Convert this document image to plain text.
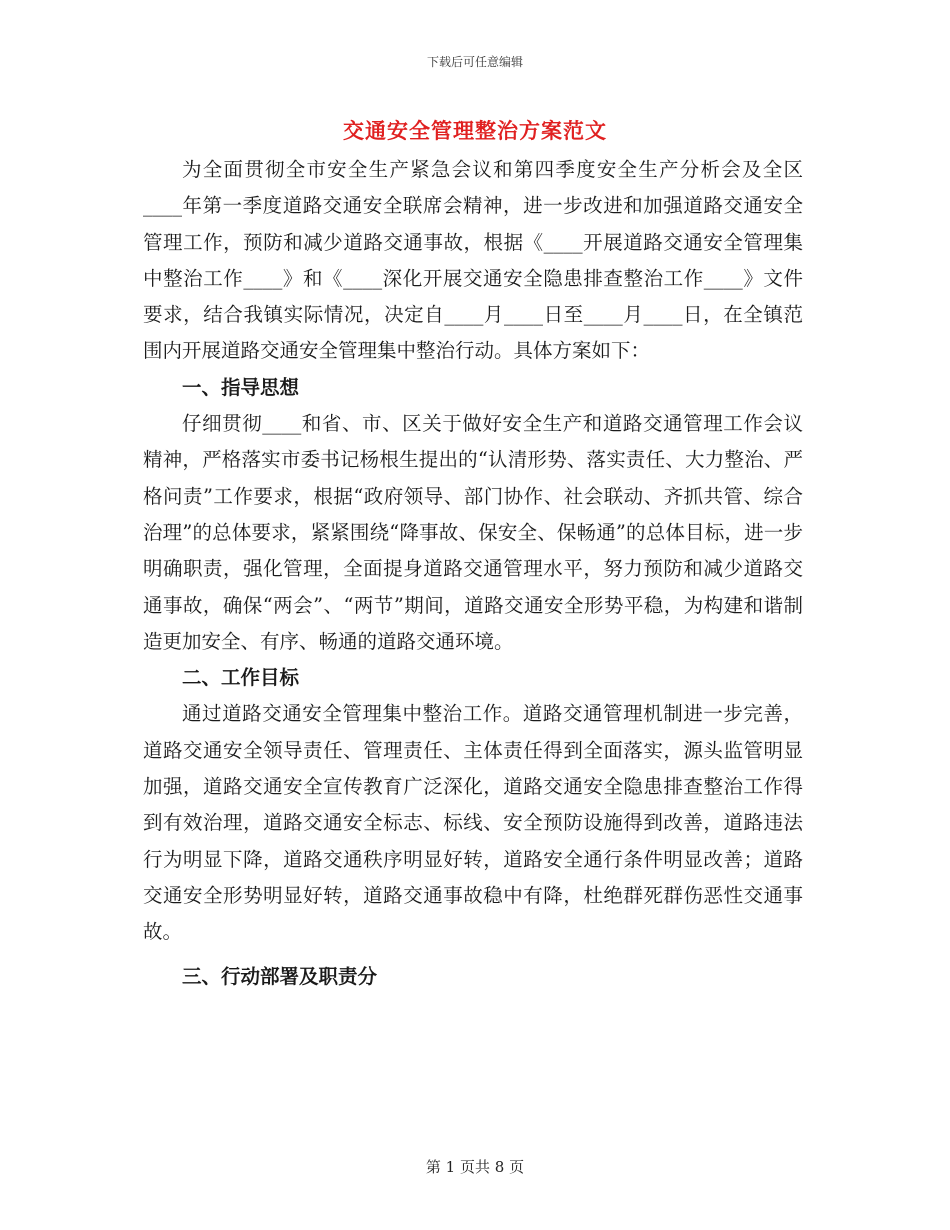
下载后可任意编辑
交通安全管理整治方案范文

为全面贯彻全市安全生产紧急会议和第四季度安全生产分析会及全区____年第一季度道路交通安全联席会精神，进一步改进和加强道路交通安全管理工作，预防和减少道路交通事故，根据《____开展道路交通安全管理集中整治工作____》和《____深化开展交通安全隐患排查整治工作____》文件要求，结合我镇实际情况，决定自____月____日至____月____日，在全镇范围内开展道路交通安全管理集中整治行动。具体方案如下：

一、指导思想

仔细贯彻____和省、市、区关于做好安全生产和道路交通管理工作会议精神，严格落实市委书记杨根生提出的“认清形势、落实责任、大力整治、严格问责”工作要求，根据“政府领导、部门协作、社会联动、齐抓共管、综合治理”的总体要求，紧紧围绕“降事故、保安全、保畅通”的总体目标，进一步明确职责，强化管理，全面提身道路交通管理水平，努力预防和减少道路交通事故，确保“两会”、“两节”期间，道路交通安全形势平稳，为构建和谐制造更加安全、有序、畅通的道路交通环境。

二、工作目标

通过道路交通安全管理集中整治工作。道路交通管理机制进一步完善，道路交通安全领导责任、管理责任、主体责任得到全面落实，源头监管明显加强，道路交通安全宣传教育广泛深化，道路交通安全隐患排查整治工作得到有效治理，道路交通安全标志、标线、安全预防设施得到改善，道路违法行为明显下降，道路交通秩序明显好转，道路安全通行条件明显改善；道路交通安全形势明显好转，道路交通事故稳中有降，杜绝群死群伤恶性交通事故。

三、行动部署及职责分
第 1 页共 8 页
